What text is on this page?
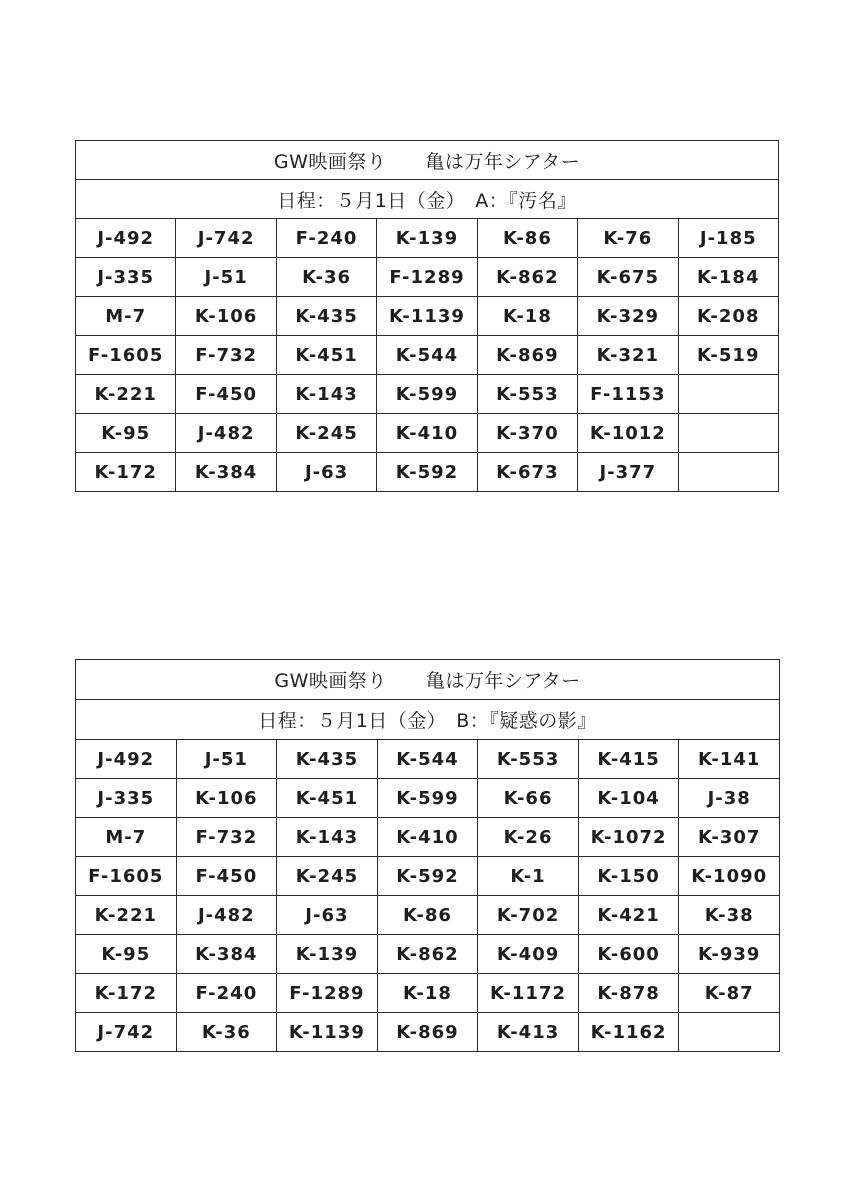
GW映画祭り　　亀は万年シアター						
日程：５月1日（金）　A：『汚名』						
J-492	J-742	F-240	K-139	K-86	K-76	J-185
J-335	J-51	K-36	F-1289	K-862	K-675	K-184
M-7	K-106	K-435	K-1139	K-18	K-329	K-208
F-1605	F-732	K-451	K-544	K-869	K-321	K-519
K-221	F-450	K-143	K-599	K-553	F-1153	
K-95	J-482	K-245	K-410	K-370	K-1012	
K-172	K-384	J-63	K-592	K-673	J-377	
GW映画祭り　　亀は万年シアター						
日程：５月1日（金）　B：『疑惑の影』						
J-492	J-51	K-435	K-544	K-553	K-415	K-141
J-335	K-106	K-451	K-599	K-66	K-104	J-38
M-7	F-732	K-143	K-410	K-26	K-1072	K-307
F-1605	F-450	K-245	K-592	K-1	K-150	K-1090
K-221	J-482	J-63	K-86	K-702	K-421	K-38
K-95	K-384	K-139	K-862	K-409	K-600	K-939
K-172	F-240	F-1289	K-18	K-1172	K-878	K-87
J-742	K-36	K-1139	K-869	K-413	K-1162	
